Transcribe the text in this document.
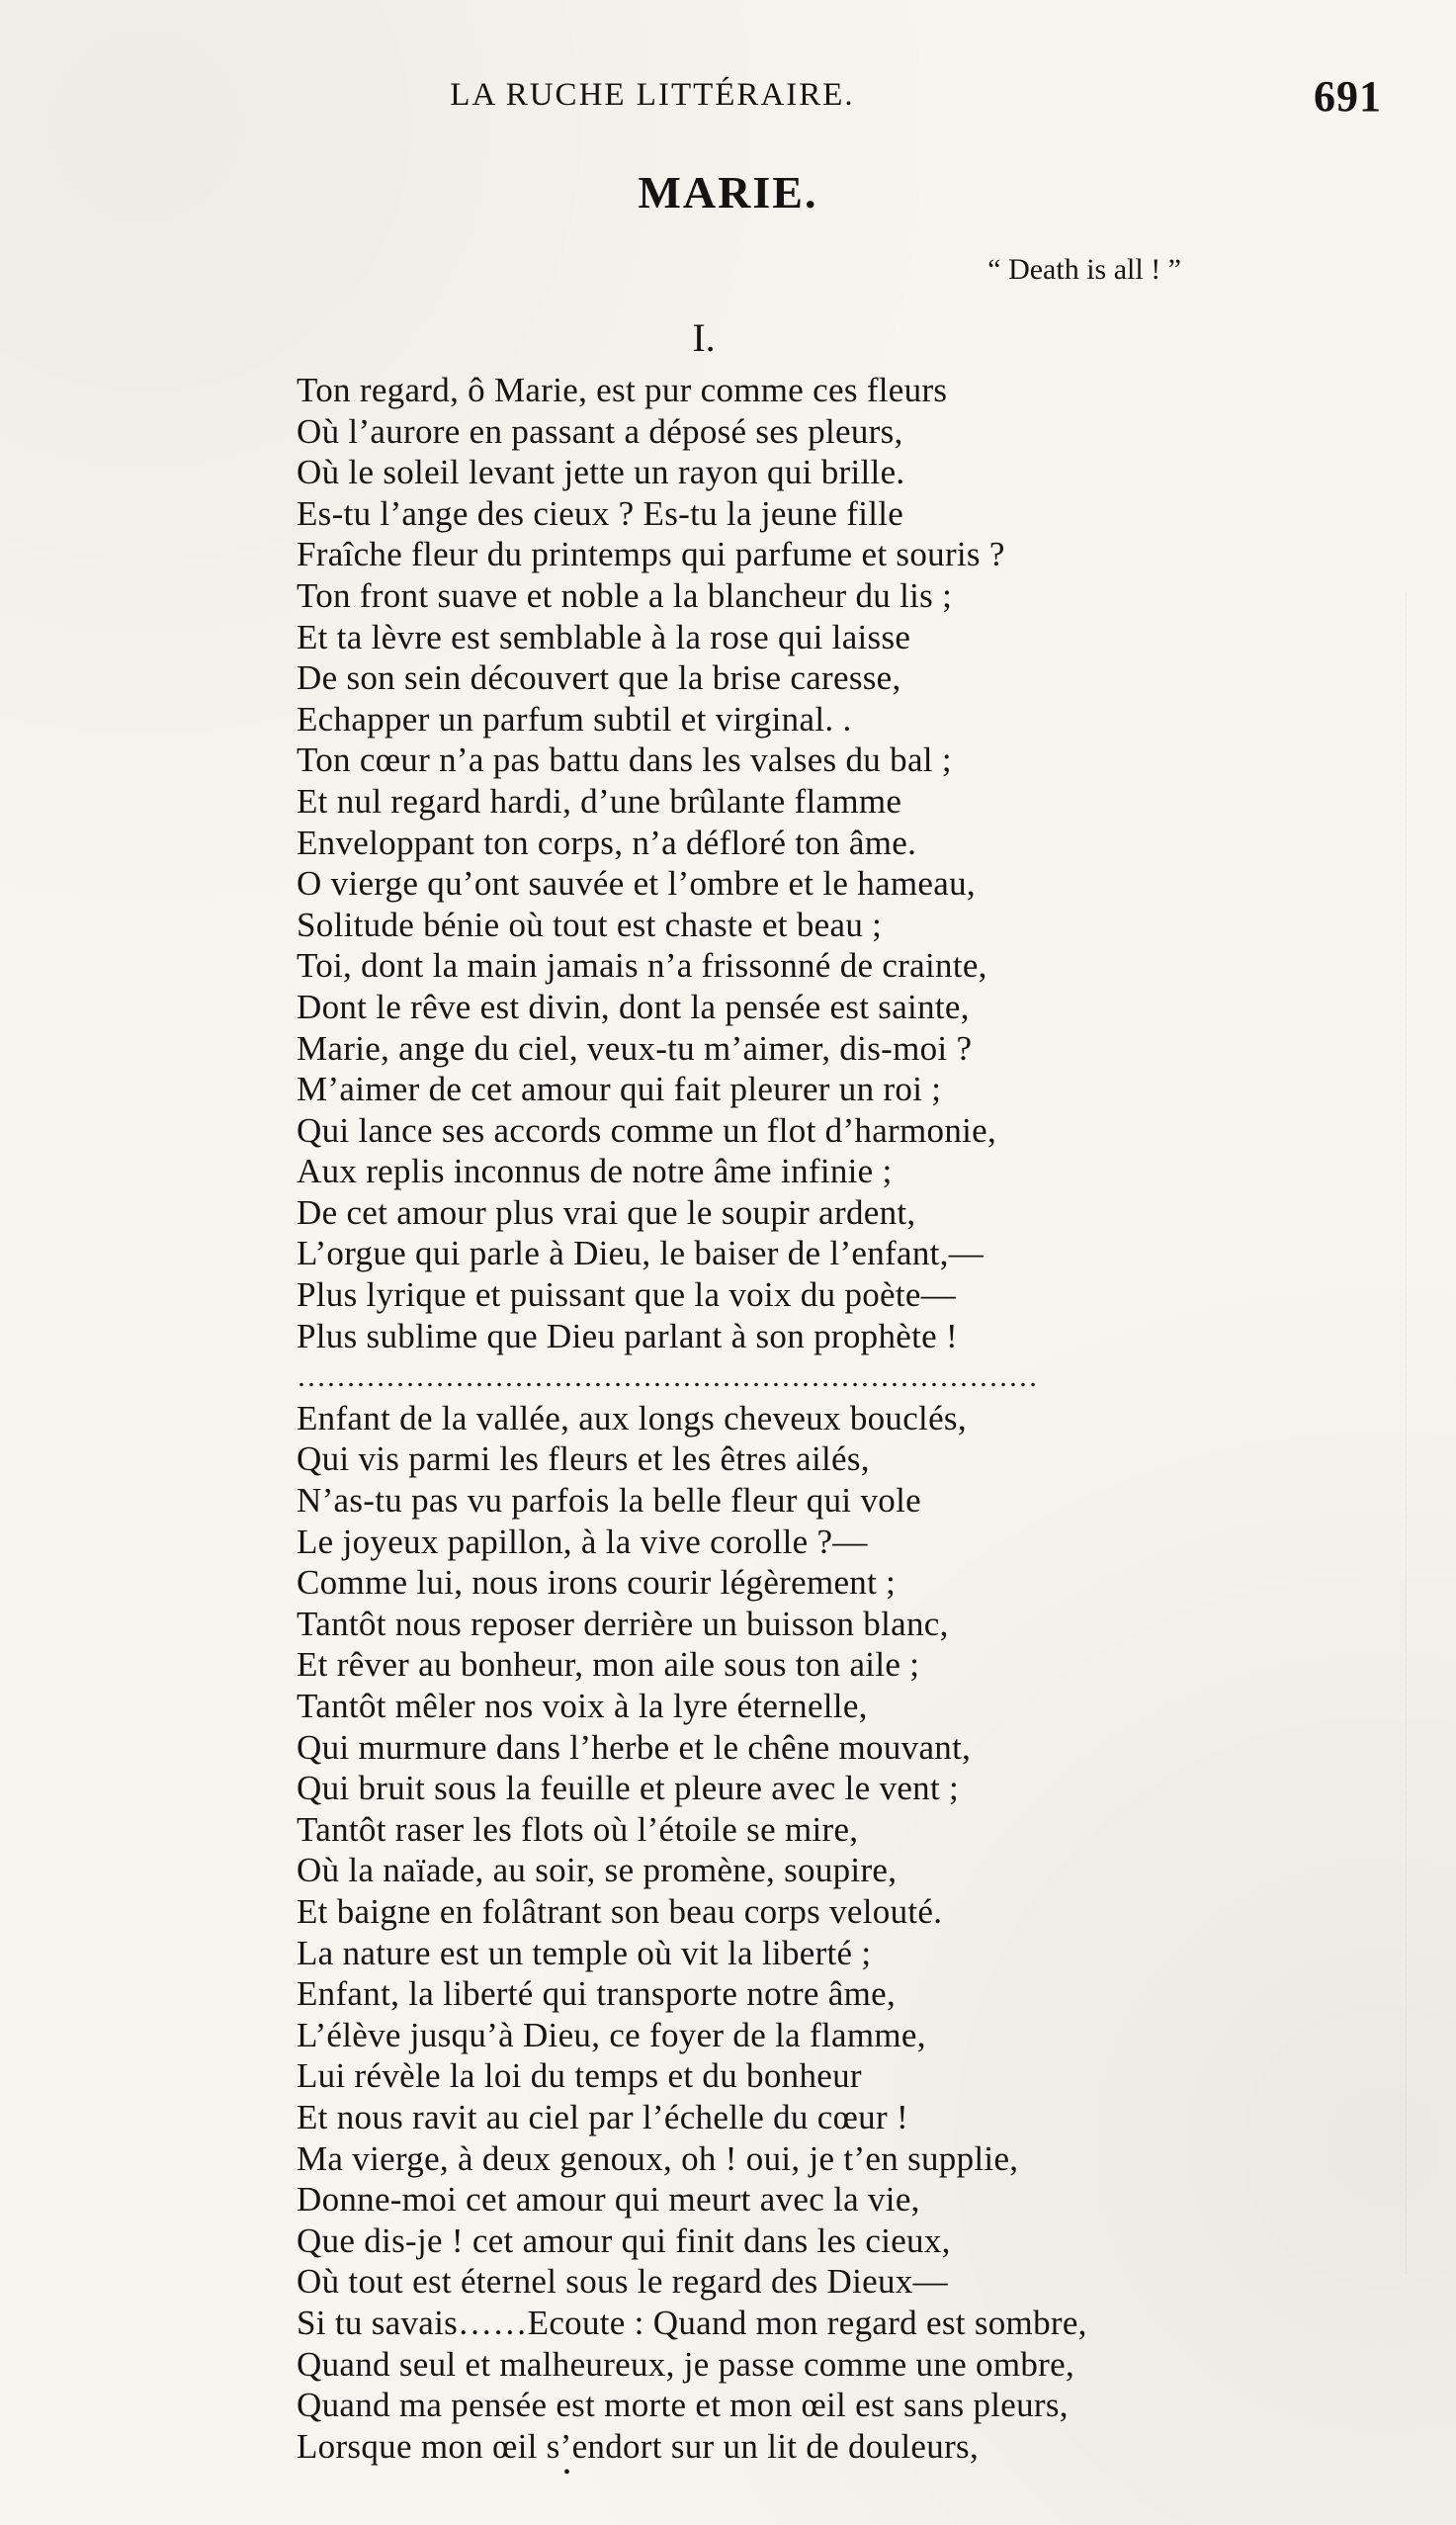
LA RUCHE LITTÉRAIRE.	691
MARIE.
“ Death is all ! ”
I.
Ton regard, ô Marie, est pur comme ces fleurs
Où l’aurore en passant a déposé ses pleurs,
Où le soleil levant jette un rayon qui brille.
Es-tu l’ange des cieux ? Es-tu la jeune fille
Fraîche fleur du printemps qui parfume et souris ?
Ton front suave et noble a la blancheur du lis ;
Et ta lèvre est semblable à la rose qui laisse
De son sein découvert que la brise caresse,
Echapper un parfum subtil et virginal. .
Ton cœur n’a pas battu dans les valses du bal ;
Et nul regard hardi, d’une brûlante flamme
Enveloppant ton corps, n’a défloré ton âme.
O vierge qu’ont sauvée et l’ombre et le hameau,
Solitude bénie où tout est chaste et beau ;
Toi, dont la main jamais n’a frissonné de crainte,
Dont le rêve est divin, dont la pensée est sainte,
Marie, ange du ciel, veux-tu m’aimer, dis-moi ?
M’aimer de cet amour qui fait pleurer un roi ;
Qui lance ses accords comme un flot d’harmonie,
Aux replis inconnus de notre âme infinie ;
De cet amour plus vrai que le soupir ardent,
L’orgue qui parle à Dieu, le baiser de l’enfant,—
Plus lyrique et puissant que la voix du poète—
Plus sublime que Dieu parlant à son prophète !
…………………………………………………………………
Enfant de la vallée, aux longs cheveux bouclés,
Qui vis parmi les fleurs et les êtres ailés,
N’as-tu pas vu parfois la belle fleur qui vole
Le joyeux papillon, à la vive corolle ?—
Comme lui, nous irons courir légèrement ;
Tantôt nous reposer derrière un buisson blanc,
Et rêver au bonheur, mon aile sous ton aile ;
Tantôt mêler nos voix à la lyre éternelle,
Qui murmure dans l’herbe et le chêne mouvant,
Qui bruit sous la feuille et pleure avec le vent ;
Tantôt raser les flots où l’étoile se mire,
Où la naïade, au soir, se promène, soupire,
Et baigne en folâtrant son beau corps velouté.
La nature est un temple où vit la liberté ;
Enfant, la liberté qui transporte notre âme,
L’élève jusqu’à Dieu, ce foyer de la flamme,
Lui révèle la loi du temps et du bonheur
Et nous ravit au ciel par l’échelle du cœur !
Ma vierge, à deux genoux, oh ! oui, je t’en supplie,
Donne-moi cet amour qui meurt avec la vie,
Que dis-je ! cet amour qui finit dans les cieux,
Où tout est éternel sous le regard des Dieux—
Si tu savais……Ecoute : Quand mon regard est sombre,
Quand seul et malheureux, je passe comme une ombre,
Quand ma pensée est morte et mon œil est sans pleurs,
Lorsque mon œil s’endort sur un lit de douleurs,
•
